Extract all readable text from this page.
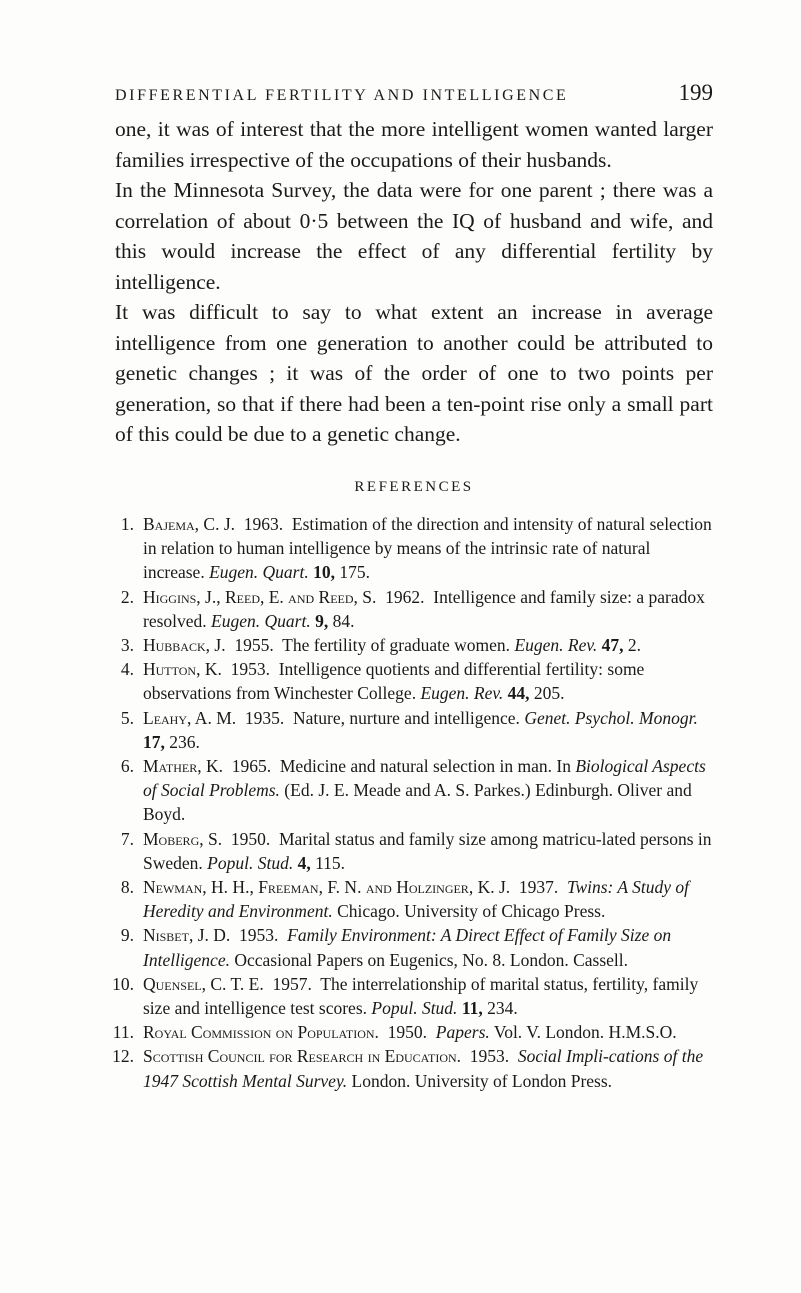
DIFFERENTIAL FERTILITY AND INTELLIGENCE	199

one, it was of interest that the more intelligent women wanted larger families irrespective of the occupations of their husbands.

In the Minnesota Survey, the data were for one parent ; there was a correlation of about 0·5 between the IQ of husband and wife, and this would increase the effect of any differential fertility by intelligence.

It was difficult to say to what extent an increase in average intelligence from one generation to another could be attributed to genetic changes ; it was of the order of one to two points per generation, so that if there had been a ten-point rise only a small part of this could be due to a genetic change.

REFERENCES
1. Bajema, C. J. 1963. Estimation of the direction and intensity of natural selection in relation to human intelligence by means of the intrinsic rate of natural increase. Eugen. Quart. 10, 175.
2. Higgins, J., Reed, E. and Reed, S. 1962. Intelligence and family size: a paradox resolved. Eugen. Quart. 9, 84.
3. Hubback, J. 1955. The fertility of graduate women. Eugen. Rev. 47, 2.
4. Hutton, K. 1953. Intelligence quotients and differential fertility: some observations from Winchester College. Eugen. Rev. 44, 205.
5. Leahy, A. M. 1935. Nature, nurture and intelligence. Genet. Psychol. Monogr. 17, 236.
6. Mather, K. 1965. Medicine and natural selection in man. In Biological Aspects of Social Problems. (Ed. J. E. Meade and A. S. Parkes.) Edinburgh. Oliver and Boyd.
7. Moberg, S. 1950. Marital status and family size among matricu-lated persons in Sweden. Popul. Stud. 4, 115.
8. Newman, H. H., Freeman, F. N. and Holzinger, K. J. 1937. Twins: A Study of Heredity and Environment. Chicago. University of Chicago Press.
9. Nisbet, J. D. 1953. Family Environment: A Direct Effect of Family Size on Intelligence. Occasional Papers on Eugenics, No. 8. London. Cassell.
10. Quensel, C. T. E. 1957. The interrelationship of marital status, fertility, family size and intelligence test scores. Popul. Stud. 11, 234.
11. Royal Commission on Population. 1950. Papers. Vol. V. London. H.M.S.O.
12. Scottish Council for Research in Education. 1953. Social Impli-cations of the 1947 Scottish Mental Survey. London. University of London Press.
